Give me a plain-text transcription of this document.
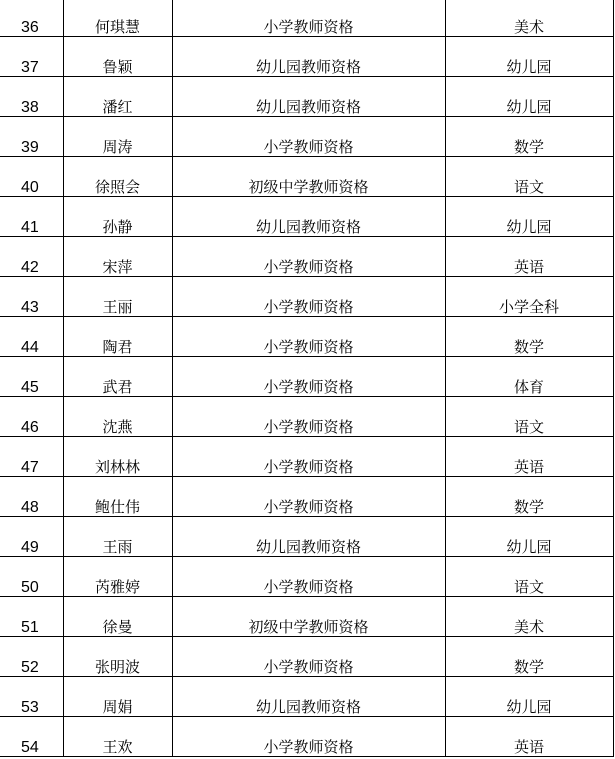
36	何琪慧	小学教师资格	美术
37	鲁颖	幼儿园教师资格	幼儿园
38	潘红	幼儿园教师资格	幼儿园
39	周涛	小学教师资格	数学
40	徐照会	初级中学教师资格	语文
41	孙静	幼儿园教师资格	幼儿园
42	宋萍	小学教师资格	英语
43	王丽	小学教师资格	小学全科
44	陶君	小学教师资格	数学
45	武君	小学教师资格	体育
46	沈燕	小学教师资格	语文
47	刘林林	小学教师资格	英语
48	鲍仕伟	小学教师资格	数学
49	王雨	幼儿园教师资格	幼儿园
50	芮雅婷	小学教师资格	语文
51	徐曼	初级中学教师资格	美术
52	张明波	小学教师资格	数学
53	周娟	幼儿园教师资格	幼儿园
54	王欢	小学教师资格	英语
